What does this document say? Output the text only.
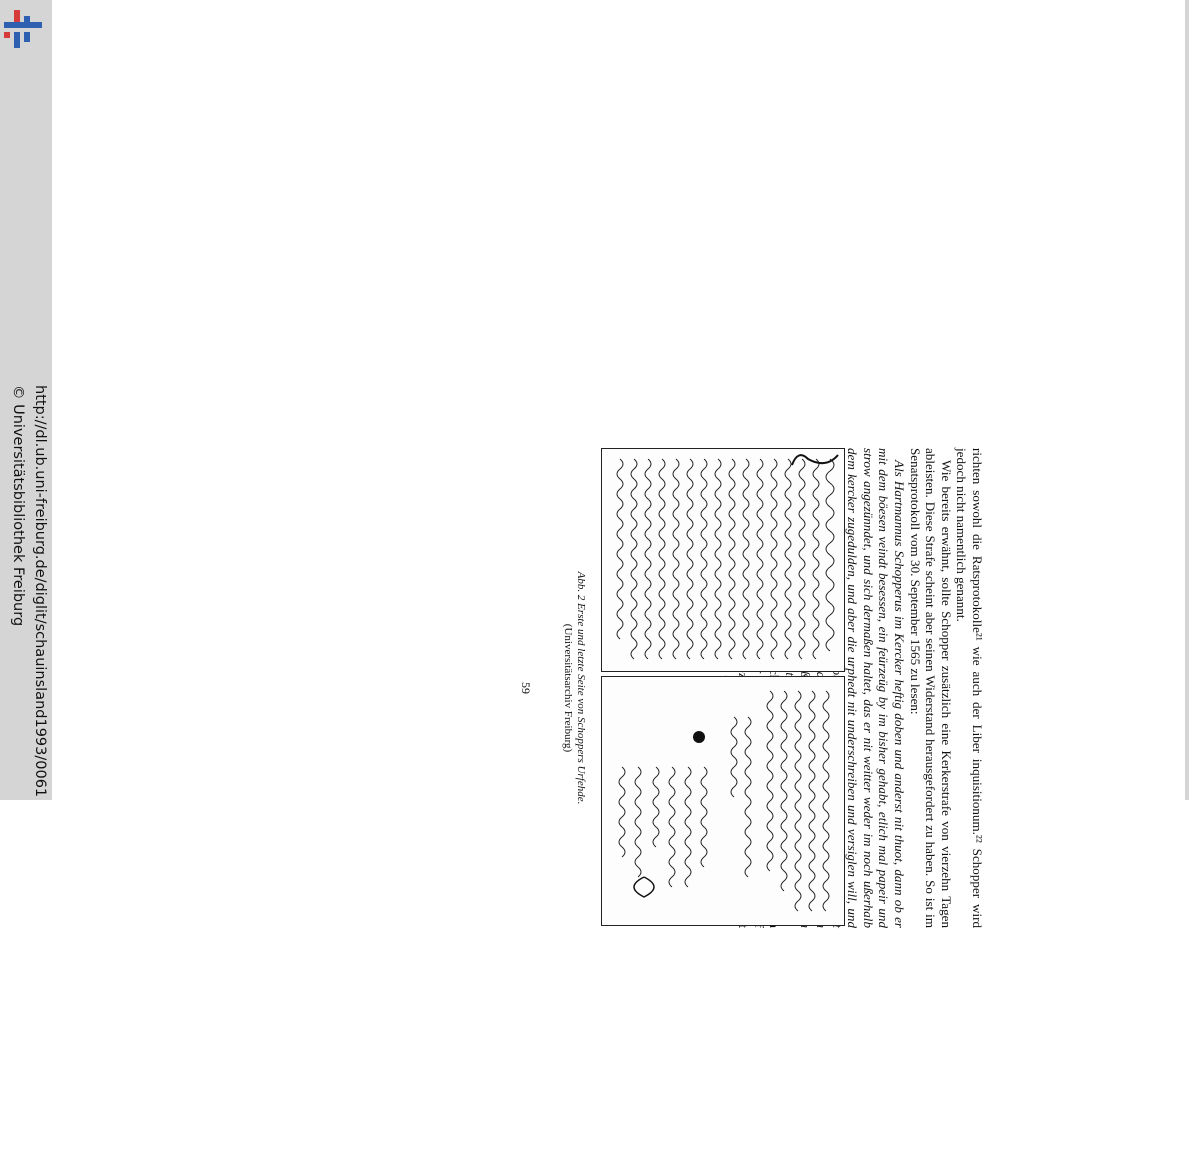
http://dl.ub.uni-freiburg.de/diglit/schauinsland1993/0061
© Universitätsbibliothek Freiburg	richten sowohl die Ratsprotokolle²¹ wie auch der Liber inquisitionum.²² Schopper wird jedoch nicht namentlich genannt.

Wie bereits erwähnt, sollte Schopper zusätzlich eine Kerkerstrafe von vierzehn Tagen ableisten. Diese Strafe scheint aber seinen Widerstand herausgefordert zu haben. So ist im Senatsprotokoll vom 30. September 1565 zu lesen:

Als Hartmannus Schopperus im Kercker heftig doben und anderst nit thuot, dann ob er mit dem böesen veindt besessen, ein feürzeüg by im bisher gehabt, etlich mal papeir und strow angezünndet, und sich dermaßen haltet, das er nit weitter weder im noch ußerhalb dem kercker zugedulden, und aber die urphedt nit underschreiben und versiglen will, und deßen

Abb. 2 Erste und letzte Seite von Schoppers Urfehde.
(Universitätsarchiv Freiburg)
59
